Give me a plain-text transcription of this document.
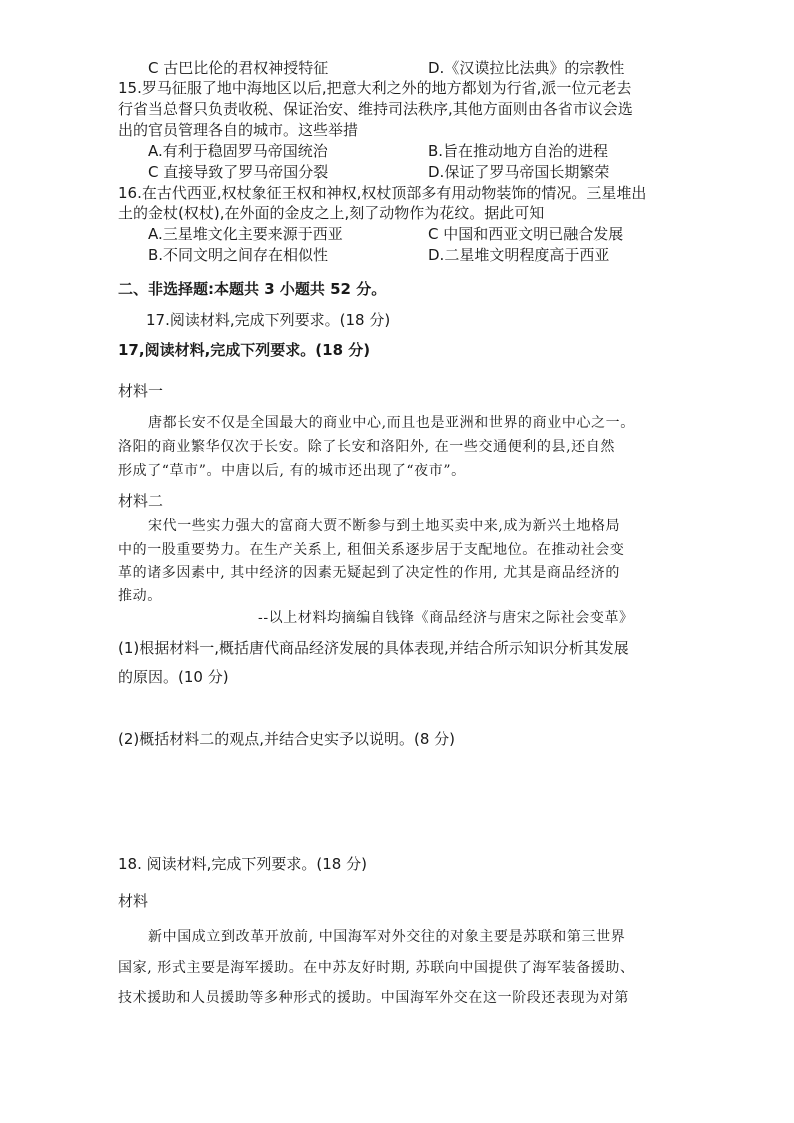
C 古巴比伦的君权神授特征	D.《汉谟拉比法典》的宗教性
15.罗马征服了地中海地区以后,把意大利之外的地方都划为行省,派一位元老去
行省当总督只负责收税、保证治安、维持司法秩序,其他方面则由各省市议会选
出的官员管理各自的城市。这些举措
A.有利于稳固罗马帝国统治	B.旨在推动地方自治的进程
C 直接导致了罗马帝国分裂	D.保证了罗马帝国长期繁荣
16.在古代西亚,权杖象征王权和神权,权杖顶部多有用动物装饰的情况。三星堆出
土的金杖(权杖),在外面的金皮之上,刻了动物作为花纹。据此可知
A.三星堆文化主要来源于西亚	C 中国和西亚文明已融合发展
B.不同文明之间存在相似性	D.二星堆文明程度高于西亚
二、非选择题:本题共 3 小题共 52 分。
17.阅读材料,完成下列要求。(18 分)
17,阅读材料,完成下列要求。(18 分)
材料一
唐都长安不仅是全国最大的商业中心,而且也是亚洲和世界的商业中心之一。
洛阳的商业繁华仅次于长安。除了长安和洛阳外, 在一些交通便利的县,还自然
形成了“草市”。中唐以后, 有的城市还出现了“夜市”。
材料二
宋代一些实力强大的富商大贾不断参与到土地买卖中来,成为新兴土地格局
中的一股重要势力。在生产关系上, 租佃关系逐步居于支配地位。在推动社会变
革的诸多因素中, 其中经济的因素无疑起到了决定性的作用, 尤其是商品经济的
推动。
--以上材料均摘编自钱锋《商品经济与唐宋之际社会变革》
(1)根据材料一,概括唐代商品经济发展的具体表现,并结合所示知识分析其发展
的原因。(10 分)
(2)概括材料二的观点,并结合史实予以说明。(8 分)
18. 阅读材料,完成下列要求。(18 分)
材料
新中国成立到改革开放前, 中国海军对外交往的对象主要是苏联和第三世界
国家, 形式主要是海军援助。在中苏友好时期, 苏联向中国提供了海军装备援助、
技术援助和人员援助等多种形式的援助。中国海军外交在这一阶段还表现为对第
